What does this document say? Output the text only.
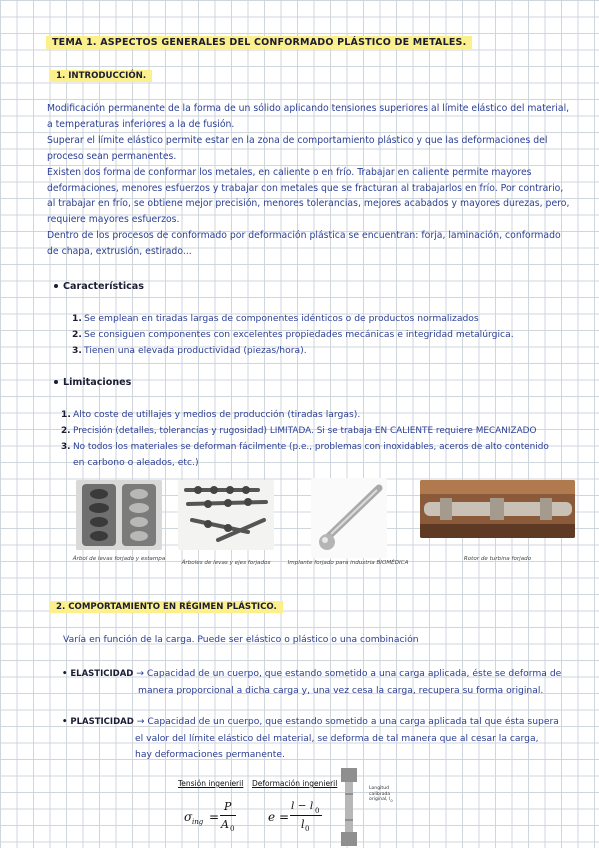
TEMA 1. ASPECTOS GENERALES DEL CONFORMADO PLÁSTICO DE METALES.
1. INTRODUCCIÓN.
Modificación permanente de la forma de un sólido aplicando tensiones superiores al límite elástico del material,
a temperaturas inferiores a la de fusión.
Superar el límite elástico permite estar en la zona de comportamiento plástico y que las deformaciones del
proceso sean permanentes.
Existen dos forma de conformar los metales, en caliente o en frío. Trabajar en caliente permite mayores
deformaciones, menores esfuerzos y trabajar con metales que se fracturan al trabajarlos en frío. Por contrario,
al trabajar en frío, se obtiene mejor precisión, menores tolerancias, mejores acabados y mayores durezas, pero,
requiere mayores esfuerzos.
Dentro de los procesos de conformado por deformación plástica se encuentran: forja, laminación, conformado
de chapa, extrusión, estirado...
Características
1. Se emplean en tiradas largas de componentes idénticos o de productos normalizados
2. Se consiguen componentes con excelentes propiedades mecánicas e integridad metalúrgica.
3. Tienen una elevada productividad (piezas/hora).
Limitaciones
1. Alto coste de utillajes y medios de producción (tiradas largas).
2. Precisión (detalles, tolerancias y rugosidad) LIMITADA. Si se trabaja EN CALIENTE requiere MECANIZADO
3. No todos los materiales se deforman fácilmente (p.e., problemas con inoxidables, aceros de alto contenido
en carbono o aleados, etc.)
Árbol de levas forjado y estampa
Árboles de levas y ejes forjados	Implante forjado para industria BIOMÉDICA
Rotor de turbina forjado
2. COMPORTAMIENTO EN RÉGIMEN PLÁSTICO.
Varía en función de la carga. Puede ser elástico o plástico o una combinación
• ELASTICIDAD → Capacidad de un cuerpo, que estando sometido a una carga aplicada, éste se deforma de
manera proporcional a dicha carga y, una vez cesa la carga, recupera su forma original.
• PLASTICIDAD → Capacidad de un cuerpo, que estando sometido a una carga aplicada tal que ésta supera
el valor del límite elástico del material, se deforma de tal manera que al cesar la carga,
hay deformaciones permanente.
Tensión ingenieril Deformación ingenieril
σ ing =
P
A 0
e =
l − l 0
l 0
Longitud calibrada original, $l_0$
